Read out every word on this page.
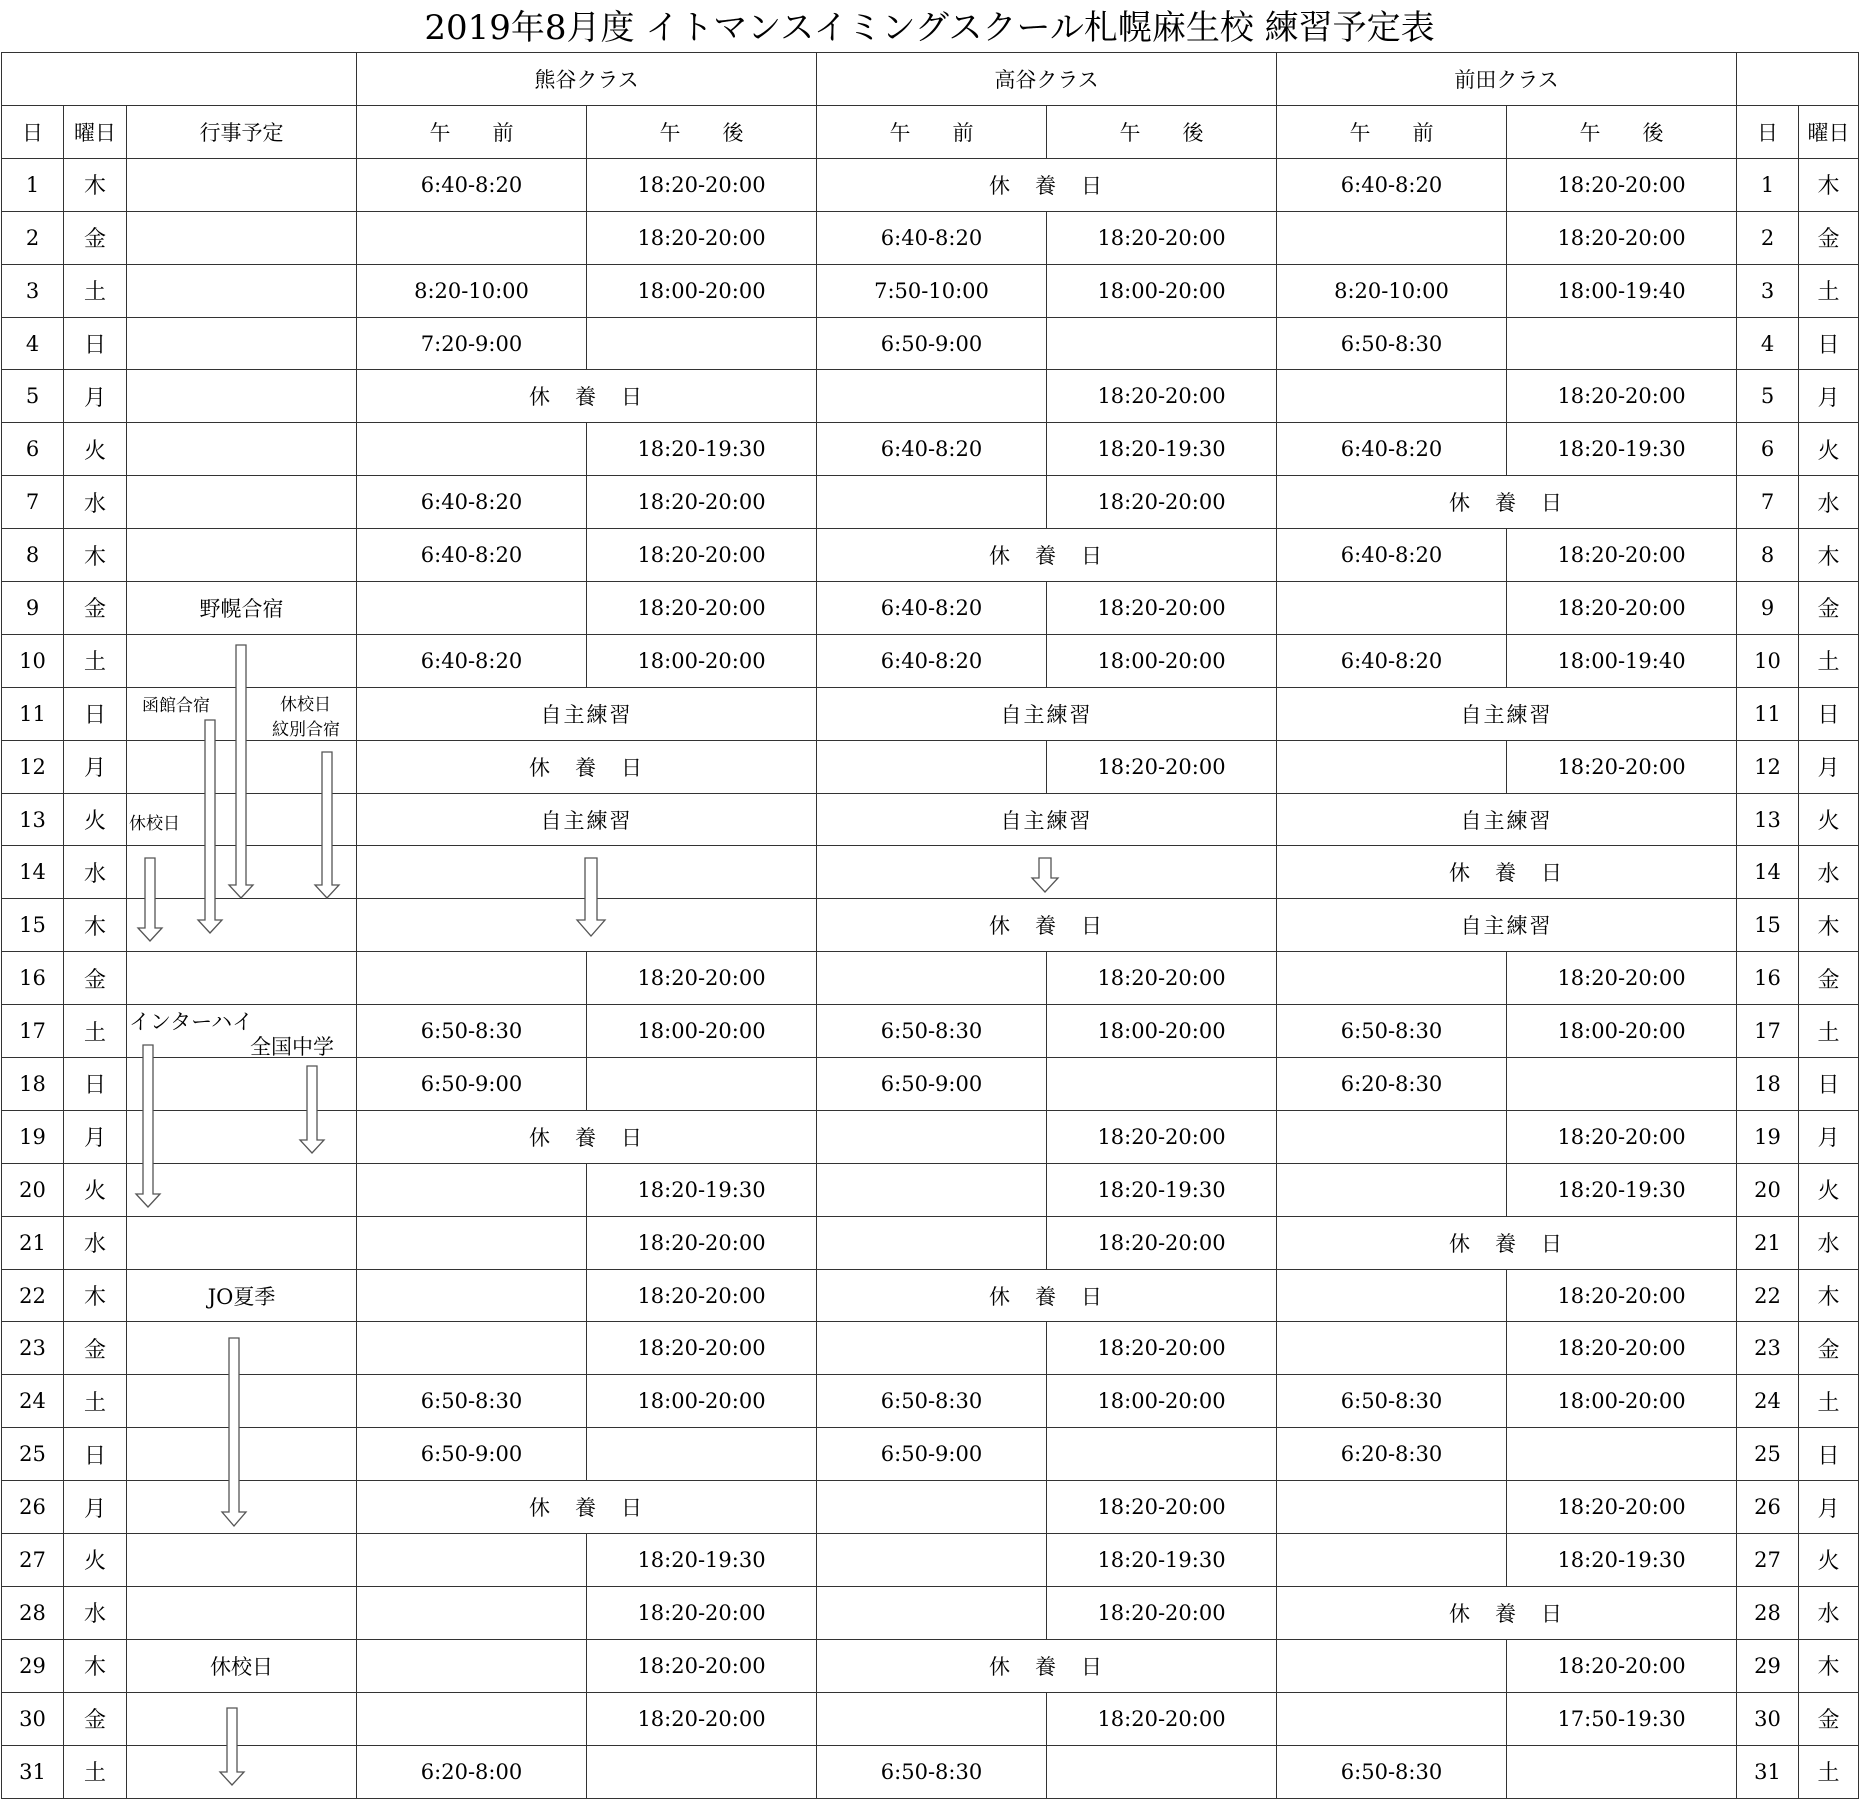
2019年8月度 イトマンスイミングスクール札幌麻生校 練習予定表
			熊谷クラス		高谷クラス		前田クラス			
日	曜日	行事予定	午　　前	午　　後	午　　前	午　　後	午　　前	午　　後	日	曜日
1	木		6:40-8:20	18:20-20:00	休　養　日		6:40-8:20	18:20-20:00	1	木
2	金			18:20-20:00	6:40-8:20	18:20-20:00		18:20-20:00	2	金
3	土		8:20-10:00	18:00-20:00	7:50-10:00	18:00-20:00	8:20-10:00	18:00-19:40	3	土
4	日		7:20-9:00		6:50-9:00		6:50-8:30		4	日
5	月		休　養　日			18:20-20:00		18:20-20:00	5	月
6	火			18:20-19:30	6:40-8:20	18:20-19:30	6:40-8:20	18:20-19:30	6	火
7	水		6:40-8:20	18:20-20:00		18:20-20:00	休　養　日		7	水
8	木		6:40-8:20	18:20-20:00	休　養　日		6:40-8:20	18:20-20:00	8	木
9	金	野幌合宿		18:20-20:00	6:40-8:20	18:20-20:00		18:20-20:00	9	金
10	土		6:40-8:20	18:00-20:00	6:40-8:20	18:00-20:00	6:40-8:20	18:00-19:40	10	土
11	日		自主練習		自主練習		自主練習		11	日
12	月		休　養　日			18:20-20:00		18:20-20:00	12	月
13	火		自主練習		自主練習		自主練習		13	火
14	水						休　養　日		14	水
15	木				休　養　日		自主練習		15	木
16	金			18:20-20:00		18:20-20:00		18:20-20:00	16	金
17	土		6:50-8:30	18:00-20:00	6:50-8:30	18:00-20:00	6:50-8:30	18:00-20:00	17	土
18	日		6:50-9:00		6:50-9:00		6:20-8:30		18	日
19	月		休　養　日			18:20-20:00		18:20-20:00	19	月
20	火			18:20-19:30		18:20-19:30		18:20-19:30	20	火
21	水			18:20-20:00		18:20-20:00	休　養　日		21	水
22	木	JO夏季		18:20-20:00	休　養　日			18:20-20:00	22	木
23	金			18:20-20:00		18:20-20:00		18:20-20:00	23	金
24	土		6:50-8:30	18:00-20:00	6:50-8:30	18:00-20:00	6:50-8:30	18:00-20:00	24	土
25	日		6:50-9:00		6:50-9:00		6:20-8:30		25	日
26	月		休　養　日			18:20-20:00		18:20-20:00	26	月
27	火			18:20-19:30		18:20-19:30		18:20-19:30	27	火
28	水			18:20-20:00		18:20-20:00	休　養　日		28	水
29	木	休校日		18:20-20:00	休　養　日			18:20-20:00	29	木
30	金			18:20-20:00		18:20-20:00		17:50-19:30	30	金
31	土		6:20-8:00		6:50-8:30		6:50-8:30		31	土
函館合宿	休校日
紋別合宿
休校日
インターハイ
全国中学
